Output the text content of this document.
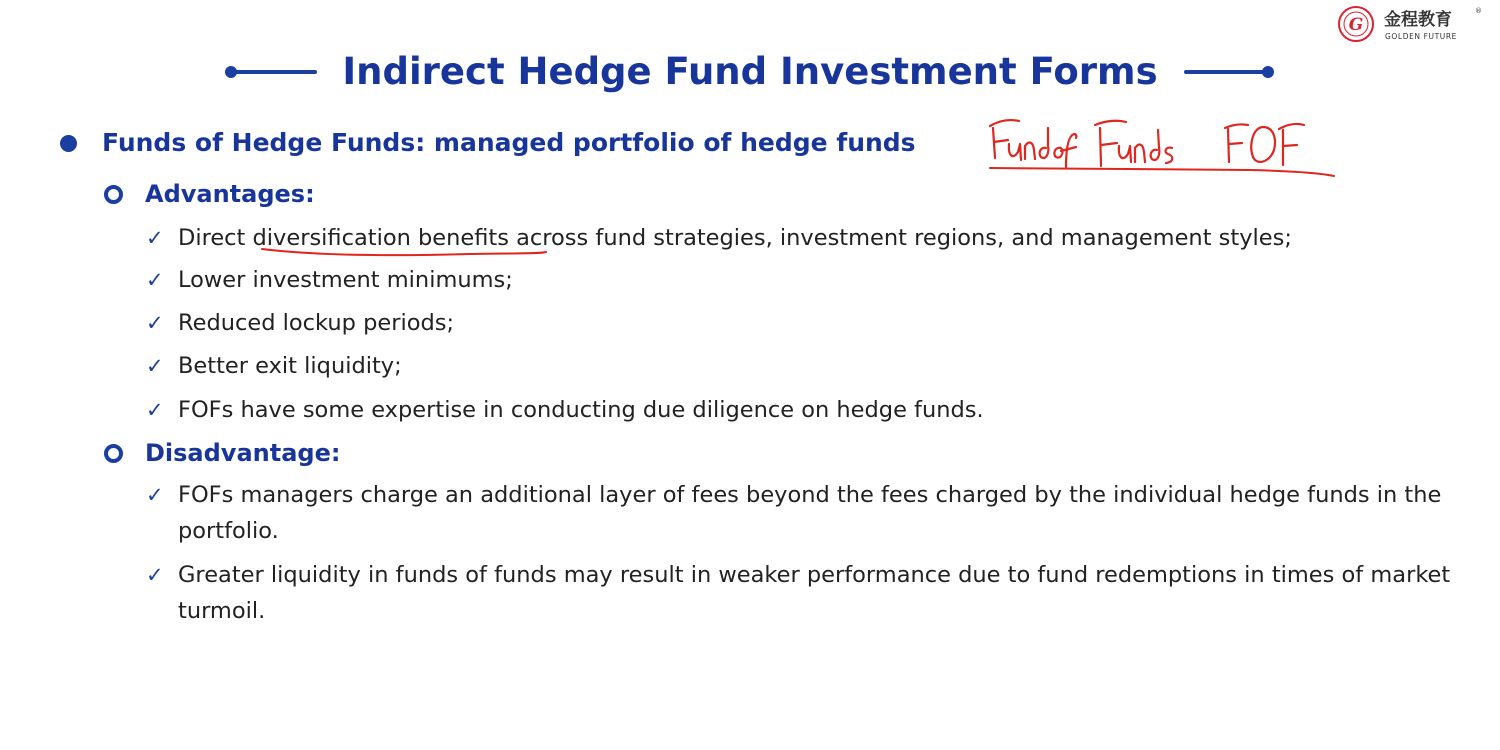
G 金程教育	®
GOLDEN FUTURE
Indirect Hedge Fund Investment Forms
Funds of Hedge Funds: managed portfolio of hedge funds
Advantages:
✓ Direct diversification benefits across fund strategies, investment regions, and management styles;
✓ Lower investment minimums;
✓ Reduced lockup periods;
✓ Better exit liquidity;
✓ FOFs have some expertise in conducting due diligence on hedge funds.
Disadvantage:
✓ FOFs managers charge an additional layer of fees beyond the fees charged by the individual hedge funds in the portfolio.
✓ Greater liquidity in funds of funds may result in weaker performance due to fund redemptions in times of market turmoil.
